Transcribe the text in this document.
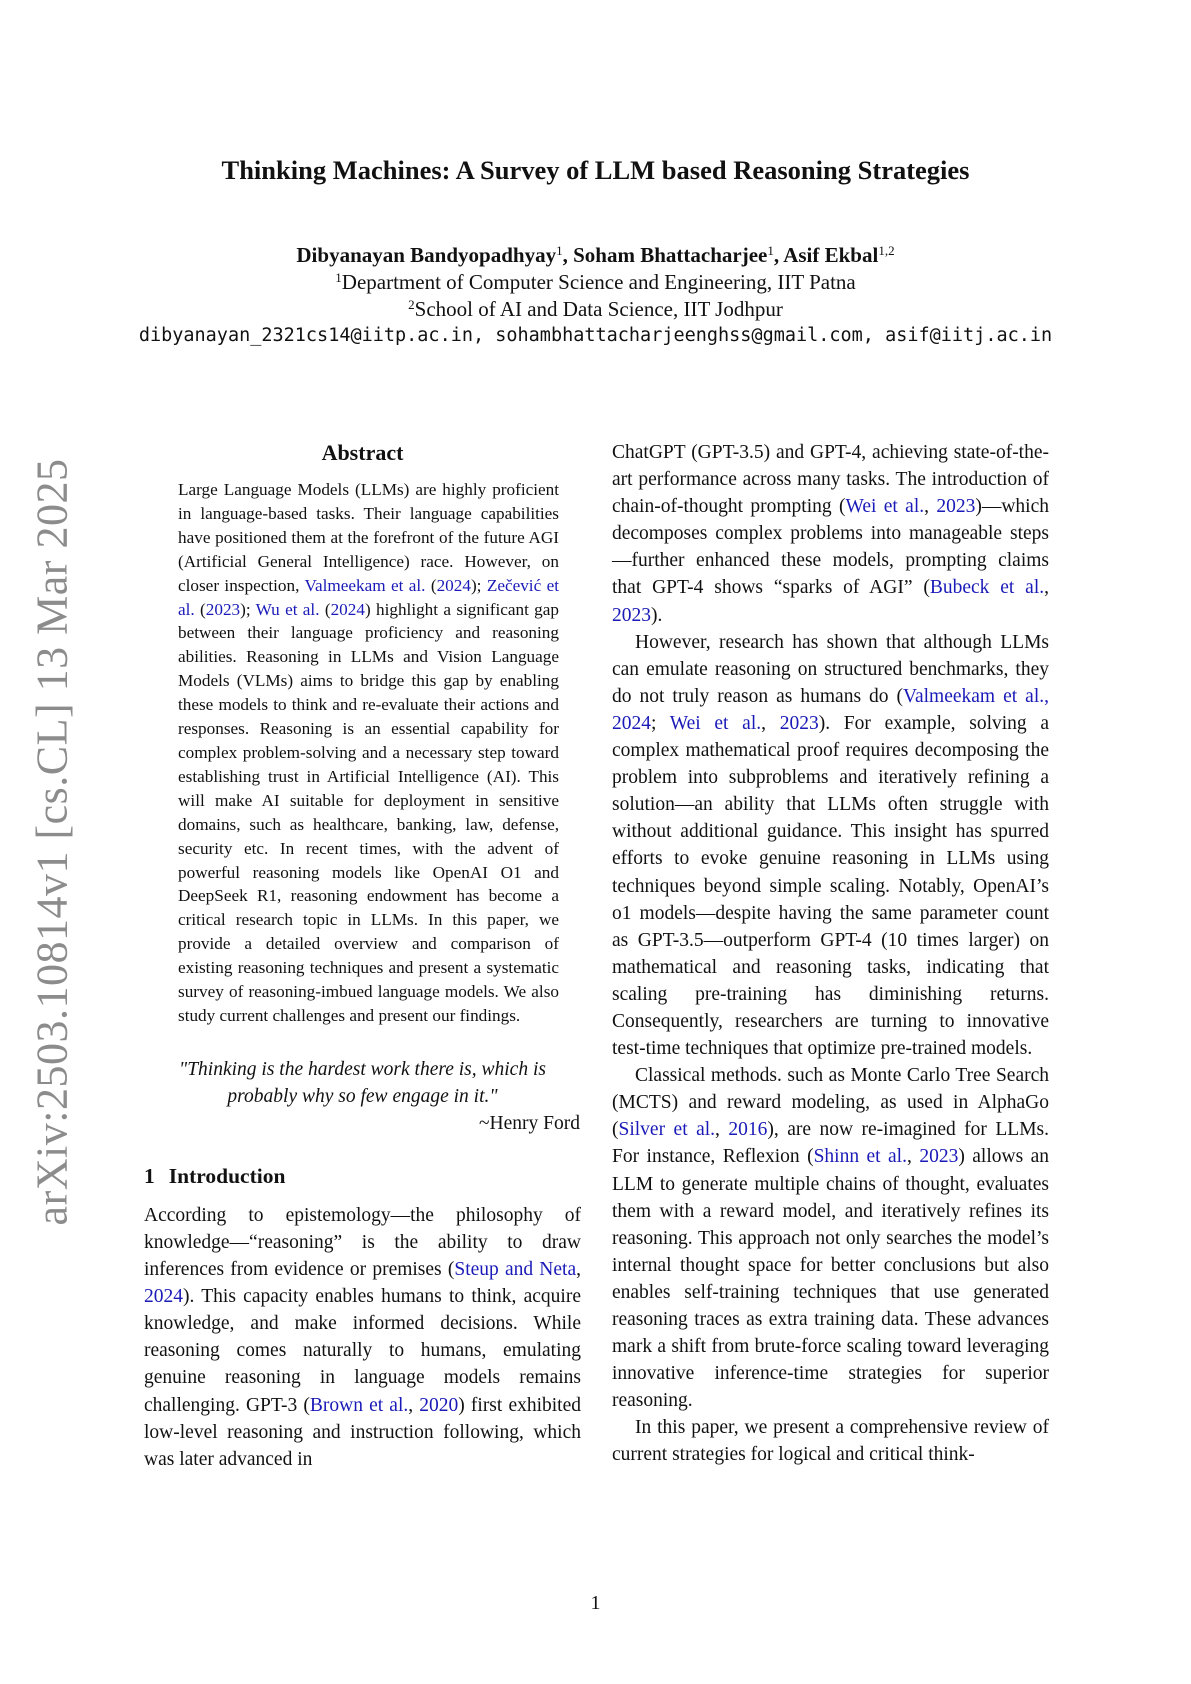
arXiv:2503.10814v1 [cs.CL] 13 Mar 2025
Thinking Machines: A Survey of LLM based Reasoning Strategies
Dibyanayan Bandyopadhyay$^1$, Soham Bhattacharjee$^1$, Asif Ekbal$^{1,2}$
$^1$Department of Computer Science and Engineering, IIT Patna
$^2$School of AI and Data Science, IIT Jodhpur
dibyanayan_2321cs14@iitp.ac.in, sohambhattacharjeenghss@gmail.com, asif@iitj.ac.in
Abstract
Large Language Models (LLMs) are highly proficient in language-based tasks. Their language capabilities have positioned them at the forefront of the future AGI (Artificial General Intelligence) race. However, on closer inspection, Valmeekam et al. (2024); Zečević et al. (2023); Wu et al. (2024) highlight a significant gap between their language proficiency and reasoning abilities. Reasoning in LLMs and Vision Language Models (VLMs) aims to bridge this gap by enabling these models to think and re-evaluate their actions and responses. Reasoning is an essential capability for complex problem-solving and a necessary step toward establishing trust in Artificial Intelligence (AI). This will make AI suitable for deployment in sensitive domains, such as healthcare, banking, law, defense, security etc. In recent times, with the advent of powerful reasoning models like OpenAI O1 and DeepSeek R1, reasoning endowment has become a critical research topic in LLMs. In this paper, we provide a detailed overview and comparison of existing reasoning techniques and present a systematic survey of reasoning-imbued language models. We also study current challenges and present our findings.
"Thinking is the hardest work there is, which is probably why so few engage in it."
~Henry Ford
1 Introduction

According to epistemology—the philosophy of knowledge—“reasoning” is the ability to draw inferences from evidence or premises (Steup and Neta, 2024). This capacity enables humans to think, acquire knowledge, and make informed decisions. While reasoning comes naturally to humans, emulating genuine reasoning in language models remains challenging. GPT-3 (Brown et al., 2020) first exhibited low-level reasoning and instruction following, which was later advanced in

ChatGPT (GPT-3.5) and GPT-4, achieving state-of-the-art performance across many tasks. The introduction of chain-of-thought prompting (Wei et al., 2023)—which decomposes complex problems into manageable steps—further enhanced these models, prompting claims that GPT-4 shows “sparks of AGI” (Bubeck et al., 2023).

However, research has shown that although LLMs can emulate reasoning on structured benchmarks, they do not truly reason as humans do (Valmeekam et al., 2024; Wei et al., 2023). For example, solving a complex mathematical proof requires decomposing the problem into subproblems and iteratively refining a solution—an ability that LLMs often struggle with without additional guidance. This insight has spurred efforts to evoke genuine reasoning in LLMs using techniques beyond simple scaling. Notably, OpenAI’s o1 models—despite having the same parameter count as GPT-3.5—outperform GPT-4 (10 times larger) on mathematical and reasoning tasks, indicating that scaling pre-training has diminishing returns. Consequently, researchers are turning to innovative test-time techniques that optimize pre-trained models.

Classical methods. such as Monte Carlo Tree Search (MCTS) and reward modeling, as used in AlphaGo (Silver et al., 2016), are now re-imagined for LLMs. For instance, Reflexion (Shinn et al., 2023) allows an LLM to generate multiple chains of thought, evaluates them with a reward model, and iteratively refines its reasoning. This approach not only searches the model’s internal thought space for better conclusions but also enables self-training techniques that use generated reasoning traces as extra training data. These advances mark a shift from brute-force scaling toward leveraging innovative inference-time strategies for superior reasoning.

In this paper, we present a comprehensive review of current strategies for logical and critical think-

1
